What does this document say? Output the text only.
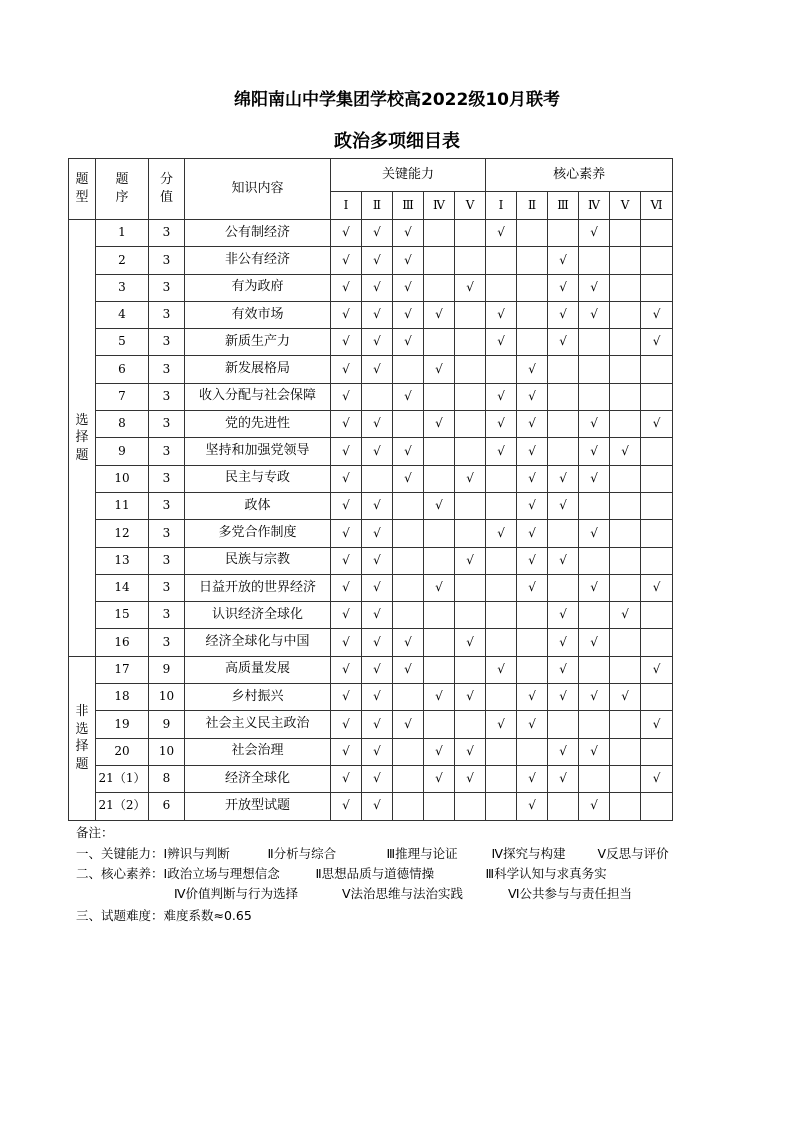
绵阳南山中学集团学校高2022级10月联考
政治多项细目表
题型	题序	分值	知识内容	关键能力					核心素养					
				Ⅰ	Ⅱ	Ⅲ	Ⅳ	Ⅴ	Ⅰ	Ⅱ	Ⅲ	Ⅳ	Ⅴ	Ⅵ
选择题	1	3	公有制经济	√	√	√			√			√		
	2	3	非公有经济	√	√	√					√			
	3	3	有为政府	√	√	√		√			√	√		
	4	3	有效市场	√	√	√	√		√		√	√		√
	5	3	新质生产力	√	√	√			√		√			√
	6	3	新发展格局	√	√		√			√				
	7	3	收入分配与社会保障	√		√			√	√				
	8	3	党的先进性	√	√		√		√	√		√		√
	9	3	坚持和加强党领导	√	√	√			√	√		√	√	
	10	3	民主与专政	√		√		√		√	√	√		
	11	3	政体	√	√		√			√	√			
	12	3	多党合作制度	√	√				√	√		√		
	13	3	民族与宗教	√	√			√		√	√			
	14	3	日益开放的世界经济	√	√		√			√		√		√
	15	3	认识经济全球化	√	√						√		√	
	16	3	经济全球化与中国	√	√	√		√			√	√		
非选择题	17	9	高质量发展	√	√	√			√		√			√
	18	10	乡村振兴	√	√		√	√		√	√	√	√	
	19	9	社会主义民主政治	√	√	√			√	√				√
	20	10	社会治理	√	√		√	√			√	√		
	21（1）	8	经济全球化	√	√		√	√		√	√			√
	21（2）	6	开放型试题	√	√					√		√		
备注：
一、关键能力：Ⅰ辨识与判断	Ⅱ分析与综合	Ⅲ推理与论证	Ⅳ探究与构建	Ⅴ反思与评价
二、核心素养：Ⅰ政治立场与理想信念	Ⅱ思想品质与道德情操	Ⅲ科学认知与求真务实
Ⅳ价值判断与行为选择	Ⅴ法治思维与法治实践	Ⅵ公共参与与责任担当
三、试题难度：难度系数≈0.65
